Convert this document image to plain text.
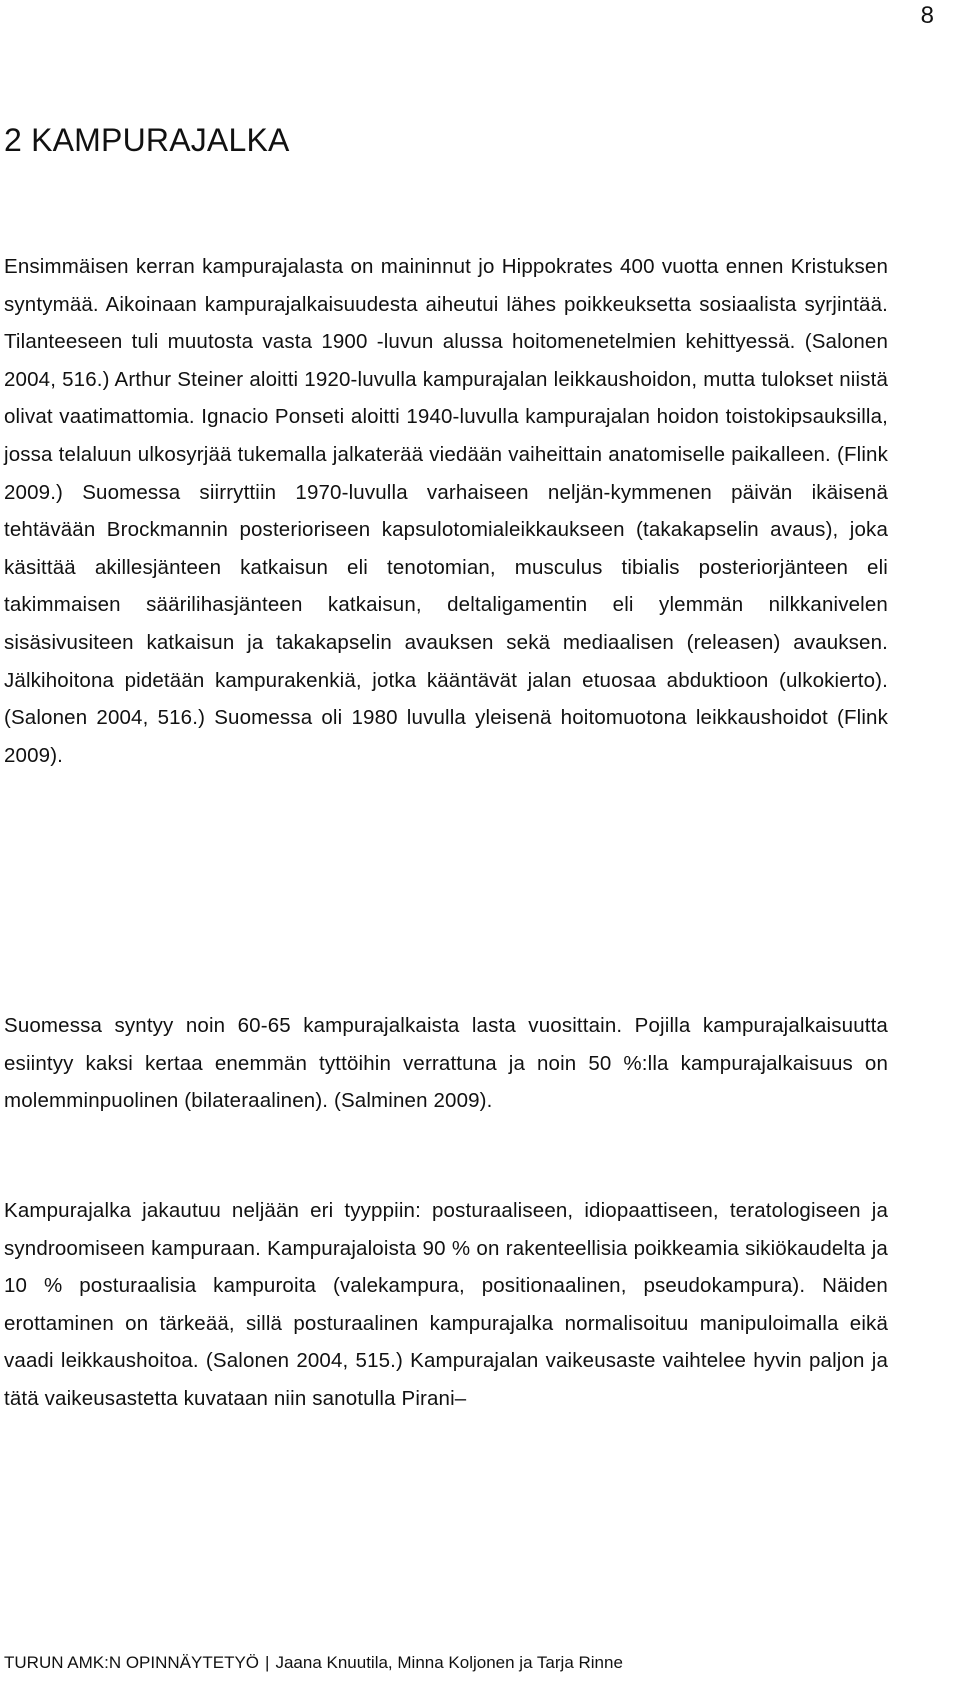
8
2 KAMPURAJALKA

Ensimmäisen kerran kampurajalasta on maininnut jo Hippokrates 400 vuotta ennen Kristuksen syntymää. Aikoinaan kampurajalkaisuudesta aiheutui lähes poikkeuksetta sosiaalista syrjintää. Tilanteeseen tuli muutosta vasta 1900 -luvun alussa hoitomenetelmien kehittyessä. (Salonen 2004, 516.) Arthur Steiner aloitti 1920-luvulla kampurajalan leikkaushoidon, mutta tulokset niistä olivat vaatimattomia. Ignacio Ponseti aloitti 1940-luvulla kampurajalan hoidon toistokipsauksilla, jossa telaluun ulkosyrjää tukemalla jalkaterää viedään vaiheittain anatomiselle paikalleen. (Flink 2009.) Suomessa siirryttiin 1970-luvulla varhaiseen neljän-kymmenen päivän ikäisenä tehtävään Brockmannin posterioriseen kapsulotomialeikkaukseen (takakapselin avaus), joka käsittää akillesjänteen katkaisun eli tenotomian, musculus tibialis posteriorjänteen eli takimmaisen säärilihasjänteen katkaisun, deltaligamentin eli ylemmän nilkkanivelen sisäsivusiteen katkaisun ja takakapselin avauksen sekä mediaalisen (releasen) avauksen. Jälkihoitona pidetään kampurakenkiä, jotka kääntävät jalan etuosaa abduktioon (ulkokierto). (Salonen 2004, 516.) Suomessa oli 1980 luvulla yleisenä hoitomuotona leikkaushoidot (Flink 2009).

Suomessa syntyy noin 60-65 kampurajalkaista lasta vuosittain. Pojilla kampurajalkaisuutta esiintyy kaksi kertaa enemmän tyttöihin verrattuna ja noin 50 %:lla kampurajalkaisuus on molemminpuolinen (bilateraalinen). (Salminen 2009).

Kampurajalka jakautuu neljään eri tyyppiin: posturaaliseen, idiopaattiseen, teratologiseen ja syndroomiseen kampuraan. Kampurajaloista 90 % on rakenteellisia poikkeamia sikiökaudelta ja 10 % posturaalisia kampuroita (valekampura, positionaalinen, pseudokampura). Näiden erottaminen on tärkeää, sillä posturaalinen kampurajalka normalisoituu manipuloimalla eikä vaadi leikkaushoitoa. (Salonen 2004, 515.) Kampurajalan vaikeusaste vaihtelee hyvin paljon ja tätä vaikeusastetta kuvataan niin sanotulla Pirani–

TURUN AMK:N OPINNÄYTETYÖ | Jaana Knuutila, Minna Koljonen ja Tarja Rinne
